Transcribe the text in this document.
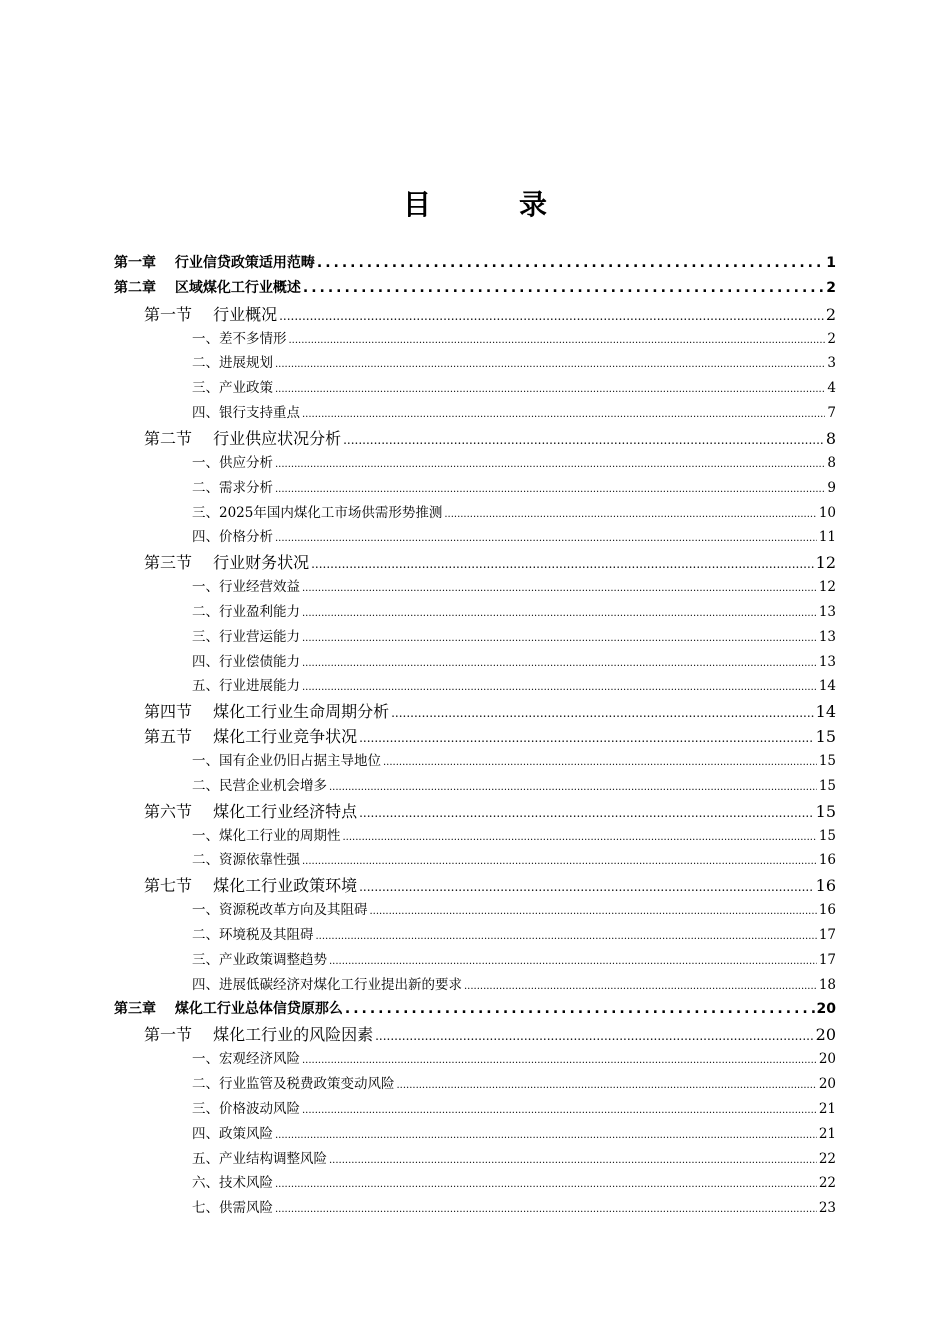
目　录
第一章　 行业信贷政策适用范畴 .....	1
第二章　 区域煤化工行业概述 .....	2
第一节　 行业概况 .....	2
一、差不多情形 .....	2
二、进展规划 .....	3
三、产业政策 .....	4
四、银行支持重点 .....	7
第二节　 行业供应状况分析 .....	8
一、供应分析 .....	8
二、需求分析 .....	9
三、2025年国内煤化工市场供需形势推测 .....	10
四、价格分析 .....	11
第三节　 行业财务状况 .....	12
一、行业经营效益 .....	12
二、行业盈利能力 .....	13
三、行业营运能力 .....	13
四、行业偿债能力 .....	13
五、行业进展能力 .....	14
第四节　 煤化工行业生命周期分析 .....	14
第五节　 煤化工行业竞争状况 .....	15
一、国有企业仍旧占据主导地位 .....	15
二、民营企业机会增多 .....	15
第六节　 煤化工行业经济特点 .....	15
一、煤化工行业的周期性 .....	15
二、资源依靠性强 .....	16
第七节　 煤化工行业政策环境 .....	16
一、资源税改革方向及其阻碍 .....	16
二、环境税及其阻碍 .....	17
三、产业政策调整趋势 .....	17
四、进展低碳经济对煤化工行业提出新的要求 .....	18
第三章　 煤化工行业总体信贷原那么 .....	20
第一节　 煤化工行业的风险因素 .....	20
一、宏观经济风险 .....	20
二、行业监管及税费政策变动风险 .....	20
三、价格波动风险 .....	21
四、政策风险 .....	21
五、产业结构调整风险 .....	22
六、技术风险 .....	22
七、供需风险 .....	23
